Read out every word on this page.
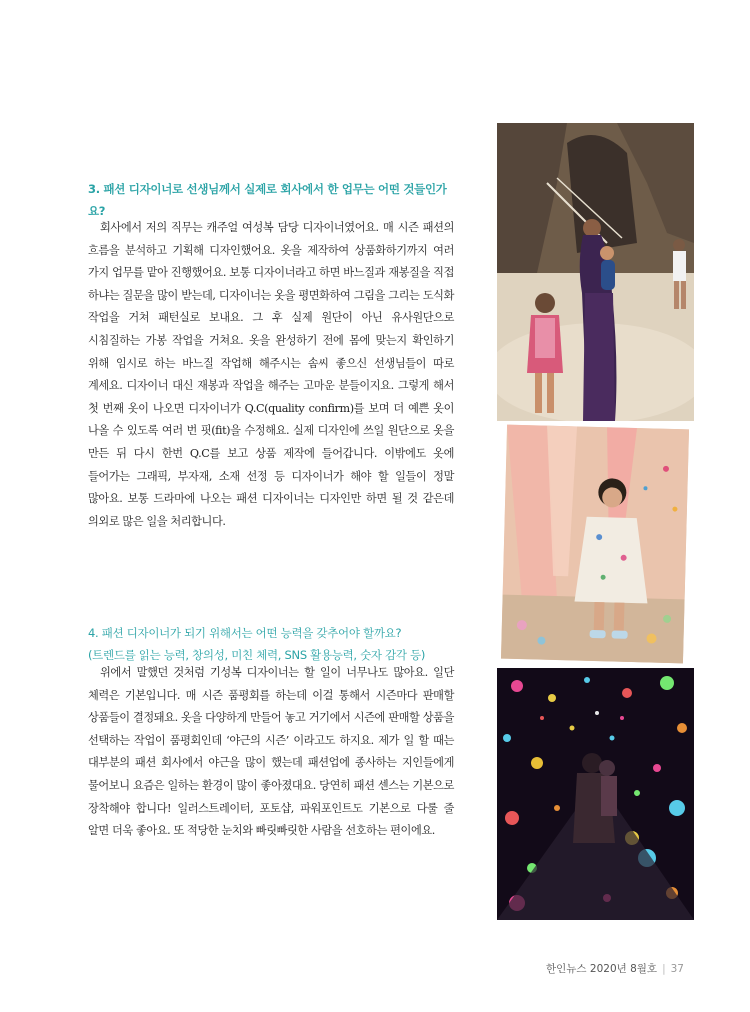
3. 패션 디자이너로 선생님께서 실제로 회사에서 한 업무는 어떤 것들인가요?

회사에서 저의 직무는 캐주얼 여성복 담당 디자이너였어요. 매 시즌 패션의 흐름을 분석하고 기획해 디자인했어요. 옷을 제작하여 상품화하기까지 여러 가지 업무를 맡아 진행했어요. 보통 디자이너라고 하면 바느질과 재봉질을 직접 하냐는 질문을 많이 받는데, 디자이너는 옷을 평면화하여 그림을 그리는 도식화 작업을 거쳐 패턴실로 보내요. 그 후 실제 원단이 아닌 유사원단으로 시침질하는 가봉 작업을 거쳐요. 옷을 완성하기 전에 몸에 맞는지 확인하기 위해 임시로 하는 바느질 작업해 해주시는 솜씨 좋으신 선생님들이 따로 계세요. 디자이너 대신 재봉과 작업을 해주는 고마운 분들이지요. 그렇게 해서 첫 번째 옷이 나오면 디자이너가 Q.C(quality confirm)를 보며 더 예쁜 옷이 나올 수 있도록 여러 번 핏(fit)을 수정해요. 실제 디자인에 쓰일 원단으로 옷을 만든 뒤 다시 한번 Q.C를 보고 상품 제작에 들어갑니다. 이밖에도 옷에 들어가는 그래픽, 부자재, 소재 선정 등 디자이너가 해야 할 일들이 정말 많아요. 보통 드라마에 나오는 패션 디자이너는 디자인만 하면 될 것 같은데 의외로 많은 일을 처리합니다.

4. 패션 디자이너가 되기 위해서는 어떤 능력을 갖추어야 할까요?
(트렌드를 읽는 능력, 창의성, 미친 체력, SNS 활용능력, 숫자 감각 등)

위에서 말했던 것처럼 기성복 디자이너는 할 일이 너무나도 많아요. 일단 체력은 기본입니다. 매 시즌 품평회를 하는데 이걸 통해서 시즌마다 판매할 상품들이 결정돼요. 옷을 다양하게 만들어 놓고 거기에서 시즌에 판매할 상품을 선택하는 작업이 품평회인데 ‘야근의 시즌’ 이라고도 하지요. 제가 일 할 때는 대부분의 패션 회사에서 야근을 많이 했는데 패션업에 종사하는 지인들에게 물어보니 요즘은 일하는 환경이 많이 좋아졌대요. 당연히 패션 센스는 기본으로 장착해야 합니다! 일러스트레이터, 포토샵, 파워포인트도 기본으로 다룰 줄 알면 더욱 좋아요. 또 적당한 눈치와 빠릿빠릿한 사람을 선호하는 편이에요.

한인뉴스 2020년 8월호 | 37
